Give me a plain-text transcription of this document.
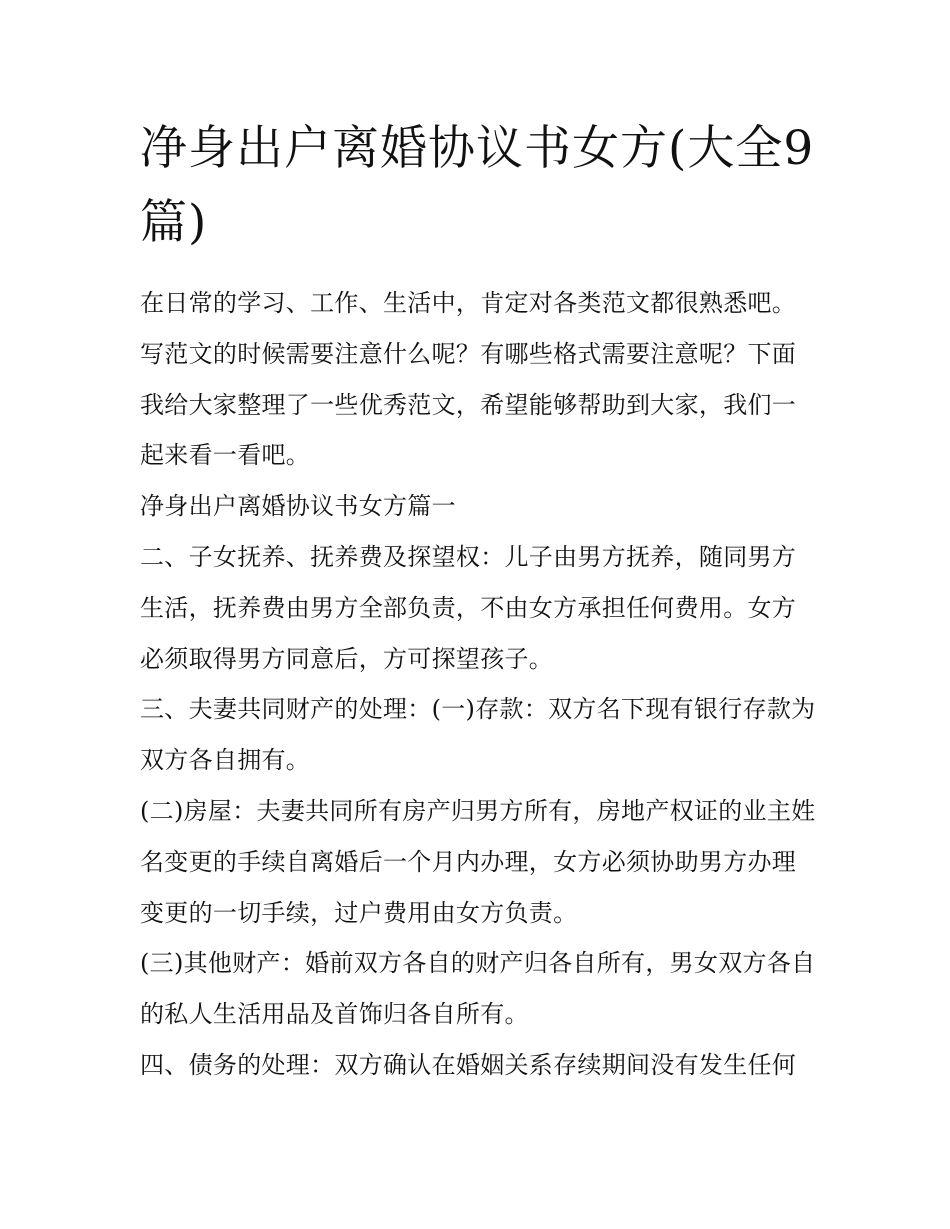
净身出户离婚协议书女方(大全9篇)

在日常的学习、工作、生活中，肯定对各类范文都很熟悉吧。写范文的时候需要注意什么呢？有哪些格式需要注意呢？下面我给大家整理了一些优秀范文，希望能够帮助到大家，我们一起来看一看吧。

净身出户离婚协议书女方篇一

二、子女抚养、抚养费及探望权：儿子由男方抚养，随同男方生活，抚养费由男方全部负责，不由女方承担任何费用。女方必须取得男方同意后，方可探望孩子。

三、夫妻共同财产的处理：(一)存款：双方名下现有银行存款为双方各自拥有。

(二)房屋：夫妻共同所有房产归男方所有，房地产权证的业主姓名变更的手续自离婚后一个月内办理，女方必须协助男方办理变更的一切手续，过户费用由女方负责。

(三)其他财产：婚前双方各自的财产归各自所有，男女双方各自的私人生活用品及首饰归各自所有。

四、债务的处理：双方确认在婚姻关系存续期间没有发生任何
